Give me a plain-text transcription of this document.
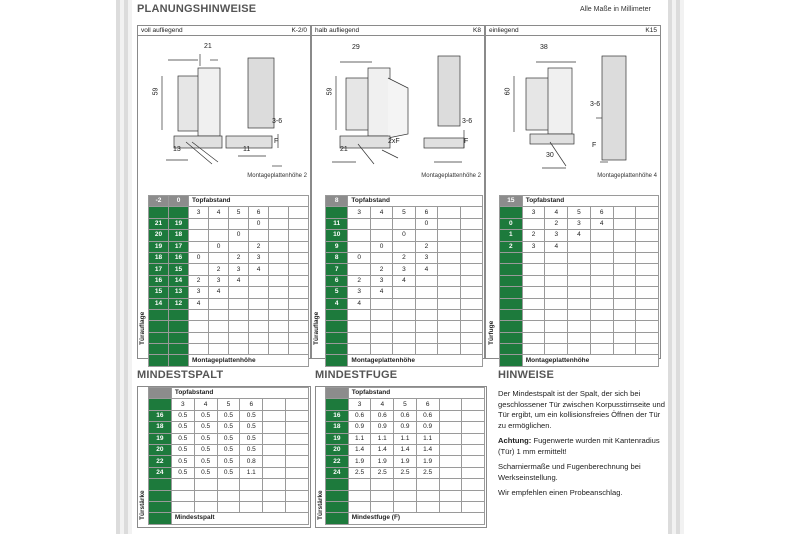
PLANUNGSHINWEISE	Alle Maße in Millimeter
voll aufliegend	K-2/0
21
59
3-6
13	11
F
Montageplattenhöhe 2
halb aufliegend	K8
29
59
3-6
21
2xF	F
Montageplattenhöhe 2
einliegend	K15
38
60
3-6
30
F
Montageplattenhöhe 4
-2	0	Topfabstand					
		3	4	5	6		
21	19				0		
20	18			0			
19	17		0		2		
18	16	0		2	3		
17	15		2	3	4		
16	14	2	3	4			
15	13	3	4				
14	12	4					

		Montageplattenhöhe					
Türauflage
8	Topfabstand					
	3	4	5	6		
11				0		
10			0			
9		0		2		
8	0		2	3		
7		2	3	4		
6	2	3	4			
5	3	4				
4	4					

	Montageplattenhöhe					
Türauflage
15	Topfabstand					
	3	4	5	6		
0		2	3	4		
1	2	3	4			
2	3	4				

	Montageplattenhöhe					
Türfuge
MINDESTSPALT
	Topfabstand					
	3	4	5	6		
16	0.5	0.5	0.5	0.5		
18	0.5	0.5	0.5	0.5		
19	0.5	0.5	0.5	0.5		
20	0.5	0.5	0.5	0.5		
22	0.5	0.5	0.5	0.8		
24	0.5	0.5	0.5	1.1		

	Mindestspalt					
Türstärke
MINDESTFUGE
	Topfabstand					
	3	4	5	6		
16	0.6	0.6	0.6	0.6		
18	0.9	0.9	0.9	0.9		
19	1.1	1.1	1.1	1.1		
20	1.4	1.4	1.4	1.4		
22	1.9	1.9	1.9	1.9		
24	2.5	2.5	2.5	2.5		

	Mindestfuge (F)					
Türstärke
HINWEISE

Der Mindestspalt ist der Spalt, der sich bei geschlossener Tür zwischen Korpusstirnseite und Tür ergibt, um ein kollisionsfreies Öffnen der Tür zu ermöglichen.

Achtung: Fugenwerte wurden mit Kantenradius (Tür) 1 mm ermittelt!

Scharniermaße und Fugenberechnung bei Werkseinstellung.

Wir empfehlen einen Probeanschlag.
